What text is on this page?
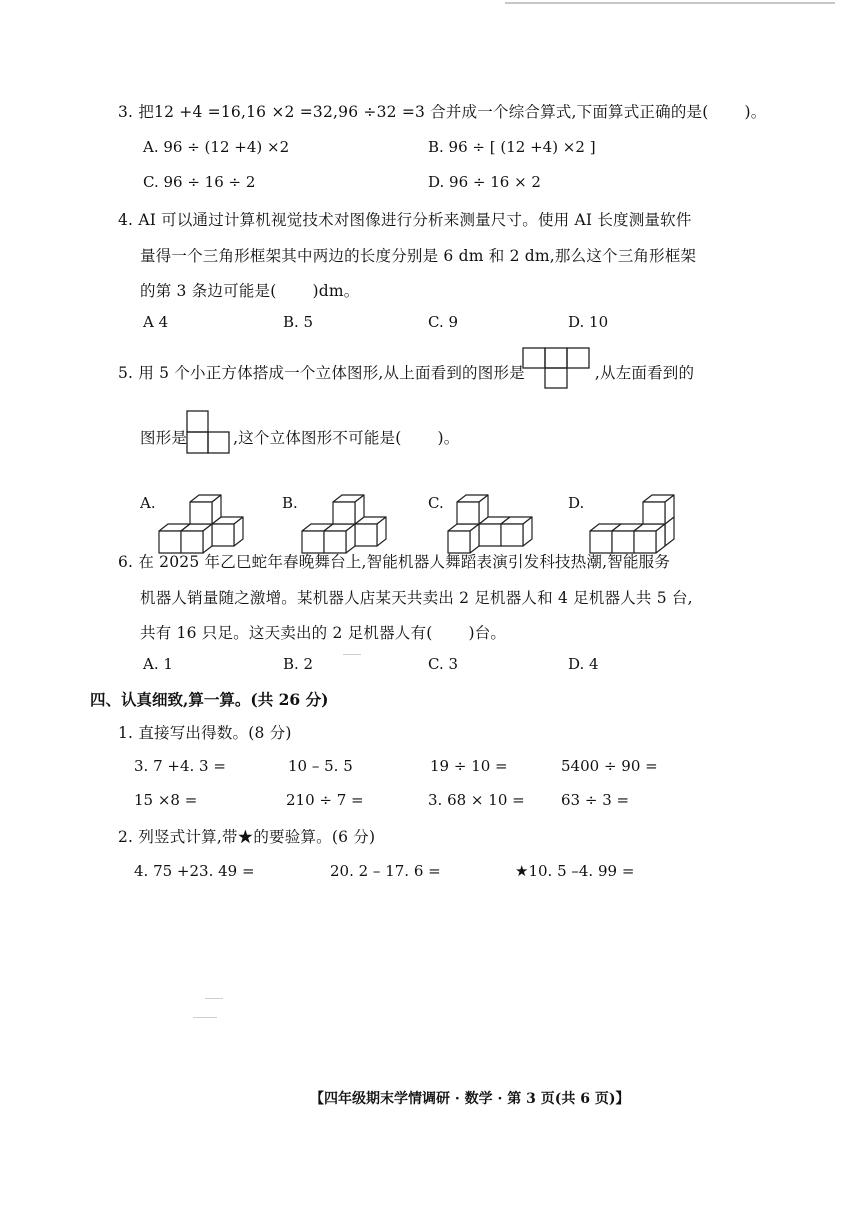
3. 把12 +4 =16,16 ×2 =32,96 ÷32 =3 合并成一个综合算式,下面算式正确的是( )。
A. 96 ÷ (12 +4) ×2	B. 96 ÷ [ (12 +4) ×2 ]
C. 96 ÷ 16 ÷ 2	D. 96 ÷ 16 × 2
4. AI 可以通过计算机视觉技术对图像进行分析来测量尺寸。使用 AI 长度测量软件
量得一个三角形框架其中两边的长度分别是 6 dm 和 2 dm,那么这个三角形框架
的第 3 条边可能是( )dm。
A 4	B. 5	C. 9	D. 10
5. 用 5 个小正方体搭成一个立体图形,从上面看到的图形是	,从左面看到的
图形是	,这个立体图形不可能是( )。
A.	B.	C.	D.
6. 在 2025 年乙巳蛇年春晚舞台上,智能机器人舞蹈表演引发科技热潮,智能服务
机器人销量随之激增。某机器人店某天共卖出 2 足机器人和 4 足机器人共 5 台,
共有 16 只足。这天卖出的 2 足机器人有( )台。
A. 1	B. 2	C. 3	D. 4
四、认真细致,算一算。(共 26 分)
1. 直接写出得数。(8 分)
3. 7 +4. 3 =	10 – 5. 5	19 ÷ 10 =	5400 ÷ 90 =
15 ×8 =	210 ÷ 7 =	3. 68 × 10 = 63 ÷ 3 =
2. 列竖式计算,带★的要验算。(6 分)
4. 75 +23. 49 =	20. 2 – 17. 6 =	★10. 5 –4. 99 =
【四年级期末学情调研 · 数学 · 第 3 页(共 6 页)】
